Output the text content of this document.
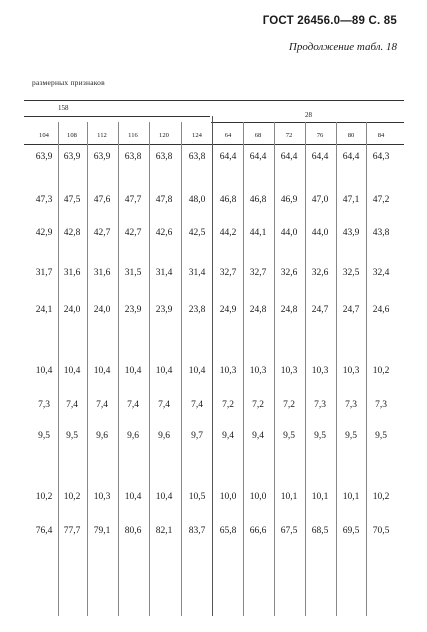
ГОСТ 26456.0—89 С. 85
Продолжение табл. 18
размерных признаков
158
28
104	108	112	116	120	124	64	68	72	76	80	84
63,9	63,9	63,9	63,8	63,8	63,8	64,4	64,4	64,4	64,4	64,4	64,3
47,3	47,5	47,6	47,7	47,8	48,0	46,8	46,8	46,9	47,0	47,1	47,2
42,9	42,8	42,7	42,7	42,6	42,5	44,2	44,1	44,0	44,0	43,9	43,8
31,7	31,6	31,6	31,5	31,4	31,4	32,7	32,7	32,6	32,6	32,5	32,4
24,1	24,0	24,0	23,9	23,9	23,8	24,9	24,8	24,8	24,7	24,7	24,6
10,4	10,4	10,4	10,4	10,4	10,4	10,3	10,3	10,3	10,3	10,3	10,2
7,3	7,4	7,4	7,4	7,4	7,4	7,2	7,2	7,2	7,3	7,3	7,3
9,5	9,5	9,6	9,6	9,6	9,7	9,4	9,4	9,5	9,5	9,5	9,5
10,2	10,2	10,3	10,4	10,4	10,5	10,0	10,0	10,1	10,1	10,1	10,2
76,4	77,7	79,1	80,6	82,1	83,7	65,8	66,6	67,5	68,5	69,5	70,5
